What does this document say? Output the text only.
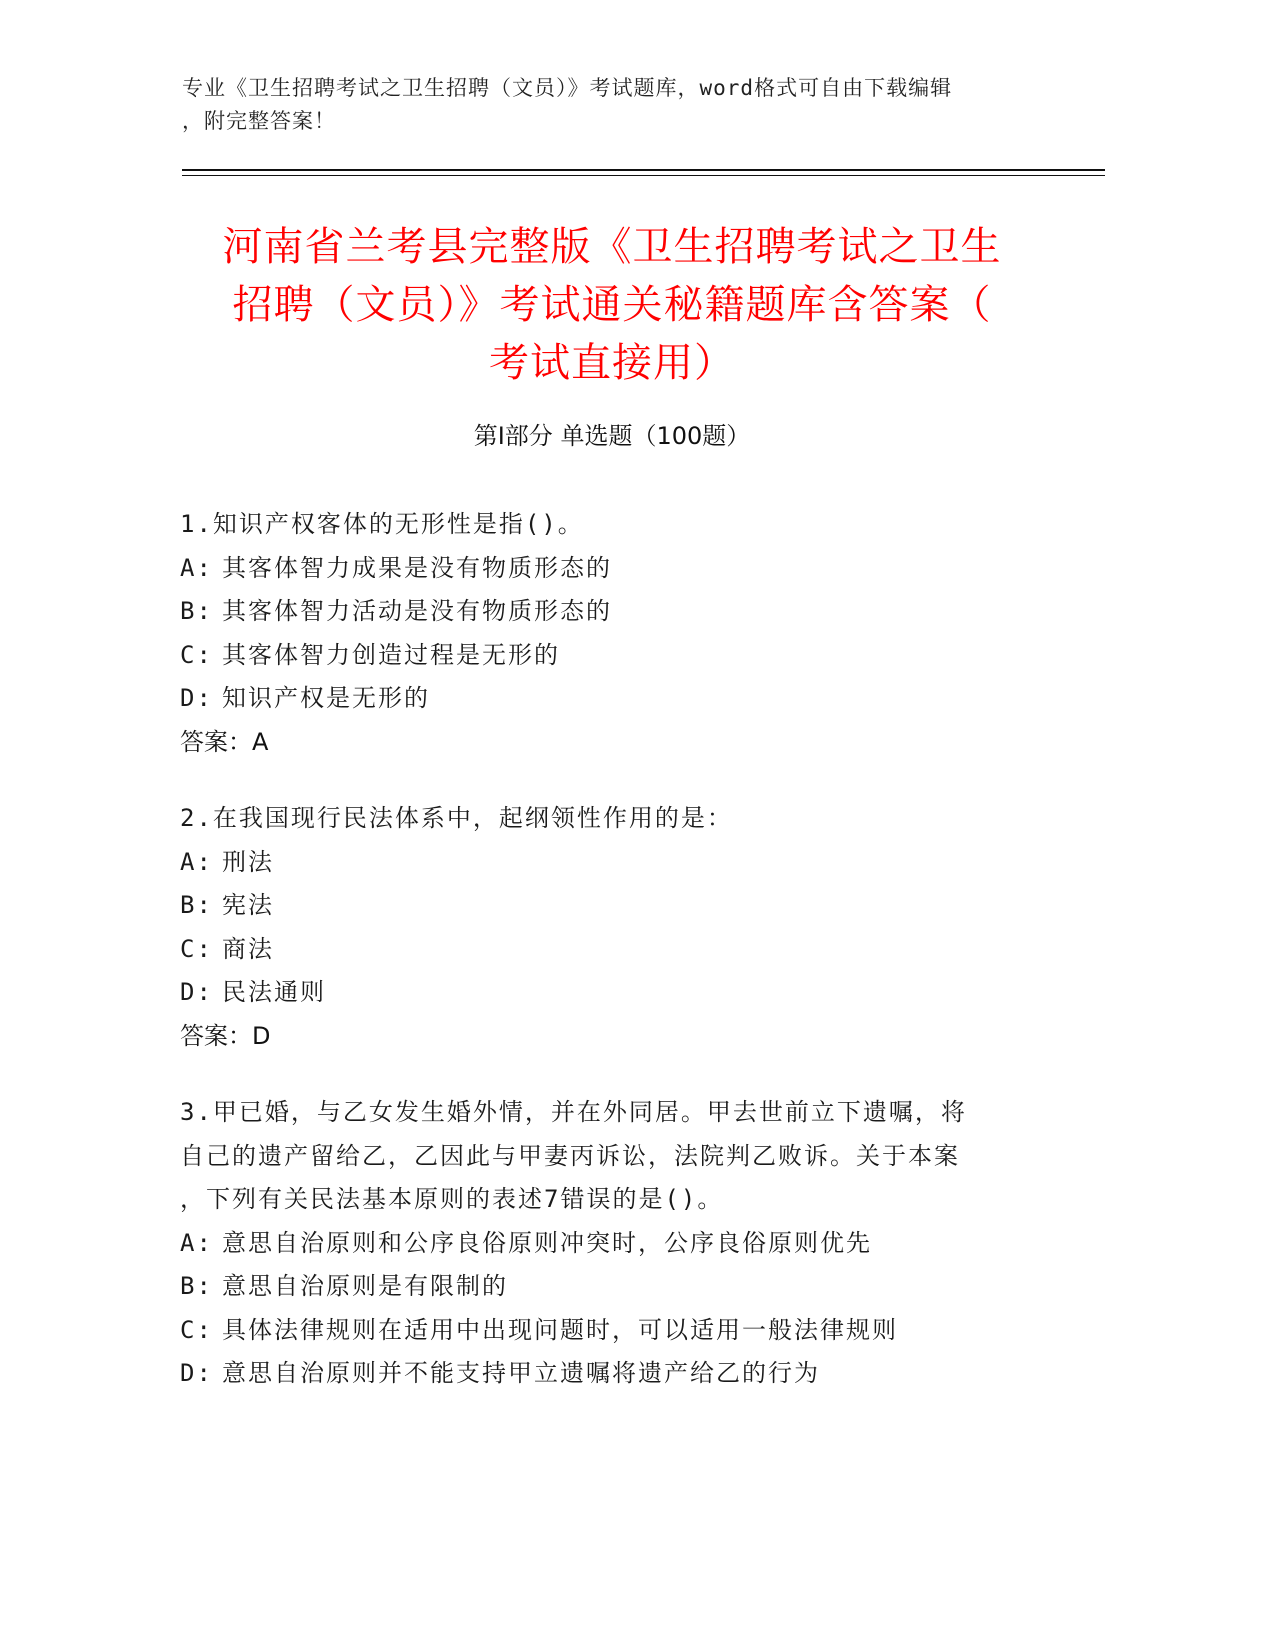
专业《卫生招聘考试之卫生招聘（文员）》考试题库，word格式可自由下载编辑
，附完整答案！
河南省兰考县完整版《卫生招聘考试之卫生
招聘（文员）》考试通关秘籍题库含答案（
考试直接用）
第Ⅰ部分 单选题（100题）
1.知识产权客体的无形性是指()。
A: 其客体智力成果是没有物质形态的
B: 其客体智力活动是没有物质形态的
C: 其客体智力创造过程是无形的
D: 知识产权是无形的
答案：A
2.在我国现行民法体系中，起纲领性作用的是：
A: 刑法
B: 宪法
C: 商法
D: 民法通则
答案：D
3.甲已婚，与乙女发生婚外情，并在外同居。甲去世前立下遗嘱，将
自己的遗产留给乙，乙因此与甲妻丙诉讼，法院判乙败诉。关于本案
，下列有关民法基本原则的表述7错误的是()。
A: 意思自治原则和公序良俗原则冲突时，公序良俗原则优先
B: 意思自治原则是有限制的
C: 具体法律规则在适用中出现问题时，可以适用一般法律规则
D: 意思自治原则并不能支持甲立遗嘱将遗产给乙的行为
